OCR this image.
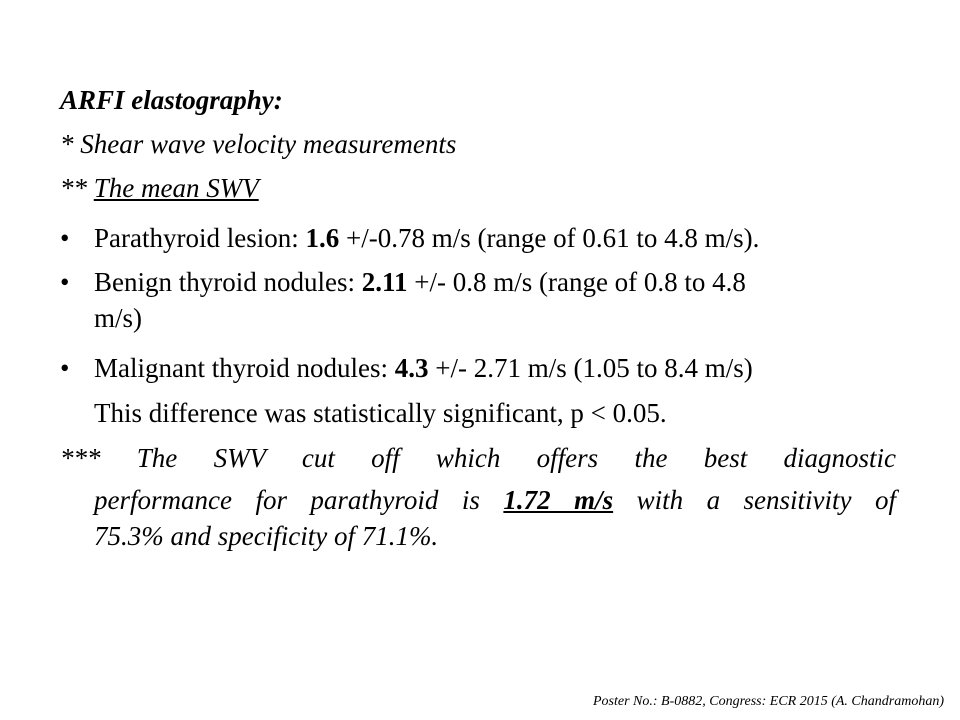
ARFI elastography:
* Shear wave velocity measurements
** The mean SWV
• Parathyroid lesion: 1.6 +/-0.78 m/s (range of 0.61 to 4.8 m/s).
• Benign thyroid nodules: 2.11 +/- 0.8 m/s (range of 0.8 to 4.8
m/s)
• Malignant thyroid nodules: 4.3 +/- 2.71 m/s (1.05 to 8.4 m/s)
This difference was statistically significant, p < 0.05.
*** The SWV cut off which offers the best diagnostic
performance for parathyroid is 1.72 m/s with a sensitivity of
75.3% and specificity of 71.1%.
Poster No.: B-0882, Congress: ECR 2015 (A. Chandramohan)
